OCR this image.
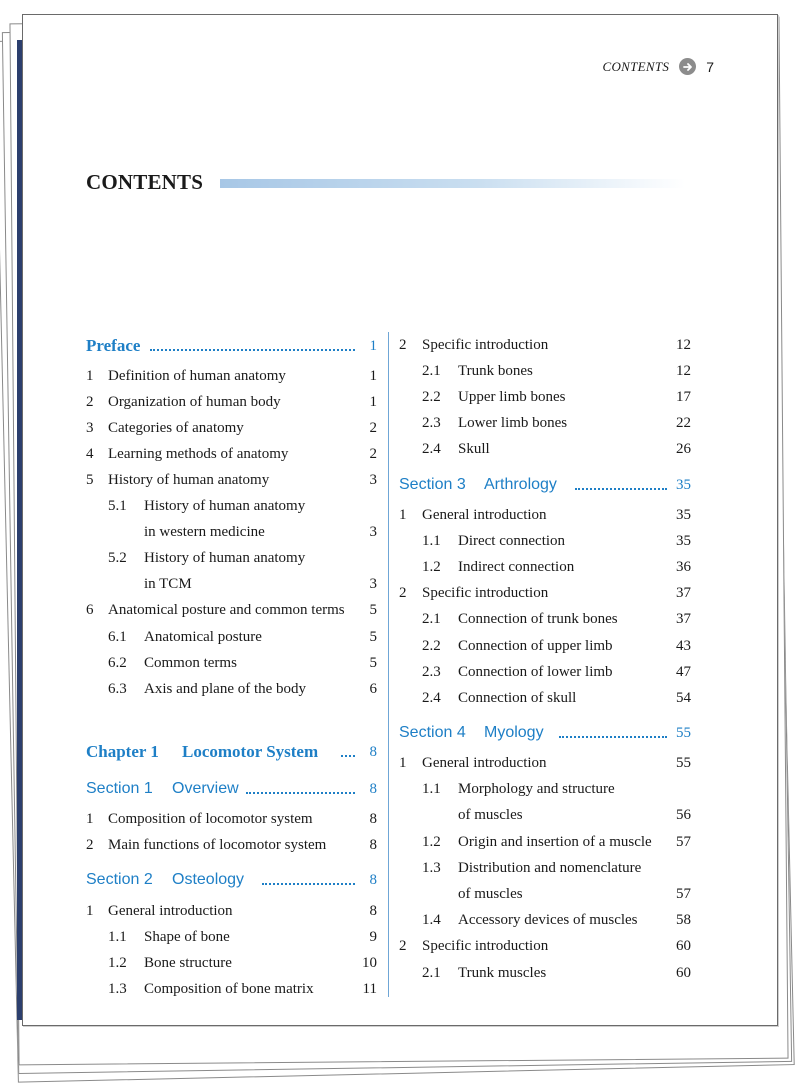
CONTENTS	7
CONTENTS
Preface	1
1 Definition of human anatomy	1
2 Organization of human body	1
3 Categories of anatomy	2
4 Learning methods of anatomy	2
5 History of human anatomy	3
5.1 History of human anatomy
in western medicine	3
5.2 History of human anatomy
in TCM	3
6 Anatomical posture and common terms 5
6.1 Anatomical posture	5
6.2 Common terms	5
6.3 Axis and plane of the body	6
Chapter 1 Locomotor System	8
Section 1 Overview	8
1 Composition of locomotor system	8
2 Main functions of locomotor system	8
Section 2 Osteology	8
1 General introduction	8
1.1 Shape of bone	9
1.2 Bone structure	10
1.3 Composition of bone matrix	11
2 Specific introduction	12
2.1 Trunk bones	12
2.2 Upper limb bones	17
2.3 Lower limb bones	22
2.4 Skull	26
Section 3 Arthrology	35
1 General introduction	35
1.1 Direct connection	35
1.2 Indirect connection	36
2 Specific introduction	37
2.1 Connection of trunk bones	37
2.2 Connection of upper limb	43
2.3 Connection of lower limb	47
2.4 Connection of skull	54
Section 4 Myology	55
1 General introduction	55
1.1 Morphology and structure
of muscles	56
1.2 Origin and insertion of a muscle 57
1.3 Distribution and nomenclature
of muscles	57
1.4 Accessory devices of muscles	58
2 Specific introduction	60
2.1 Trunk muscles	60
